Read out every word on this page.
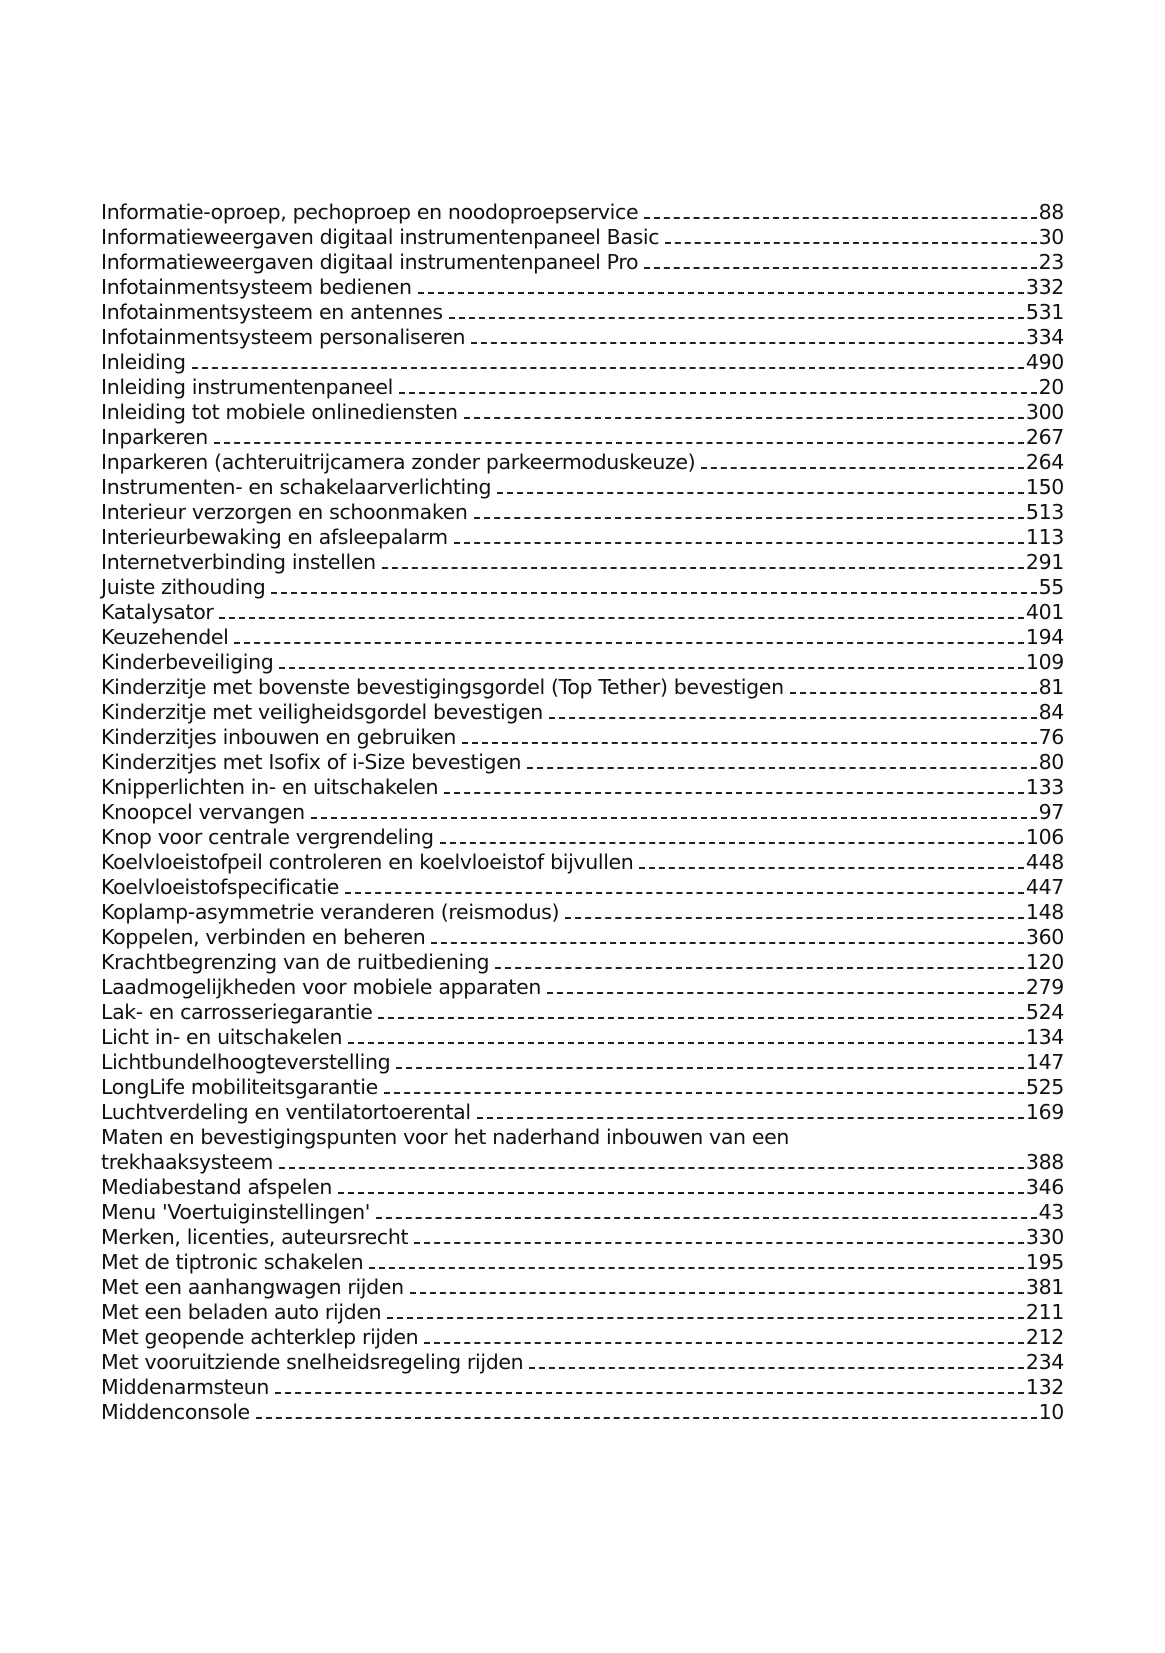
Informatie-oproep, pechoproep en noodoproepservice	88
Informatieweergaven digitaal instrumentenpaneel Basic	30
Informatieweergaven digitaal instrumentenpaneel Pro	23
Infotainmentsysteem bedienen	332
Infotainmentsysteem en antennes	531
Infotainmentsysteem personaliseren	334
Inleiding	490
Inleiding instrumentenpaneel	20
Inleiding tot mobiele onlinediensten	300
Inparkeren	267
Inparkeren (achteruitrijcamera zonder parkeermoduskeuze)	264
Instrumenten- en schakelaarverlichting	150
Interieur verzorgen en schoonmaken	513
Interieurbewaking en afsleepalarm	113
Internetverbinding instellen	291
Juiste zithouding	55
Katalysator	401
Keuzehendel	194
Kinderbeveiliging	109
Kinderzitje met bovenste bevestigingsgordel (Top Tether) bevestigen	81
Kinderzitje met veiligheidsgordel bevestigen	84
Kinderzitjes inbouwen en gebruiken	76
Kinderzitjes met Isofix of i-Size bevestigen	80
Knipperlichten in- en uitschakelen	133
Knoopcel vervangen	97
Knop voor centrale vergrendeling	106
Koelvloeistofpeil controleren en koelvloeistof bijvullen	448
Koelvloeistofspecificatie	447
Koplamp-asymmetrie veranderen (reismodus)	148
Koppelen, verbinden en beheren	360
Krachtbegrenzing van de ruitbediening	120
Laadmogelijkheden voor mobiele apparaten	279
Lak- en carrosseriegarantie	524
Licht in- en uitschakelen	134
Lichtbundelhoogteverstelling	147
LongLife mobiliteitsgarantie	525
Luchtverdeling en ventilatortoerental	169
Maten en bevestigingspunten voor het naderhand inbouwen van een
trekhaaksysteem	388
Mediabestand afspelen	346
Menu 'Voertuiginstellingen'	43
Merken, licenties, auteursrecht	330
Met de tiptronic schakelen	195
Met een aanhangwagen rijden	381
Met een beladen auto rijden	211
Met geopende achterklep rijden	212
Met vooruitziende snelheidsregeling rijden	234
Middenarmsteun	132
Middenconsole	10
